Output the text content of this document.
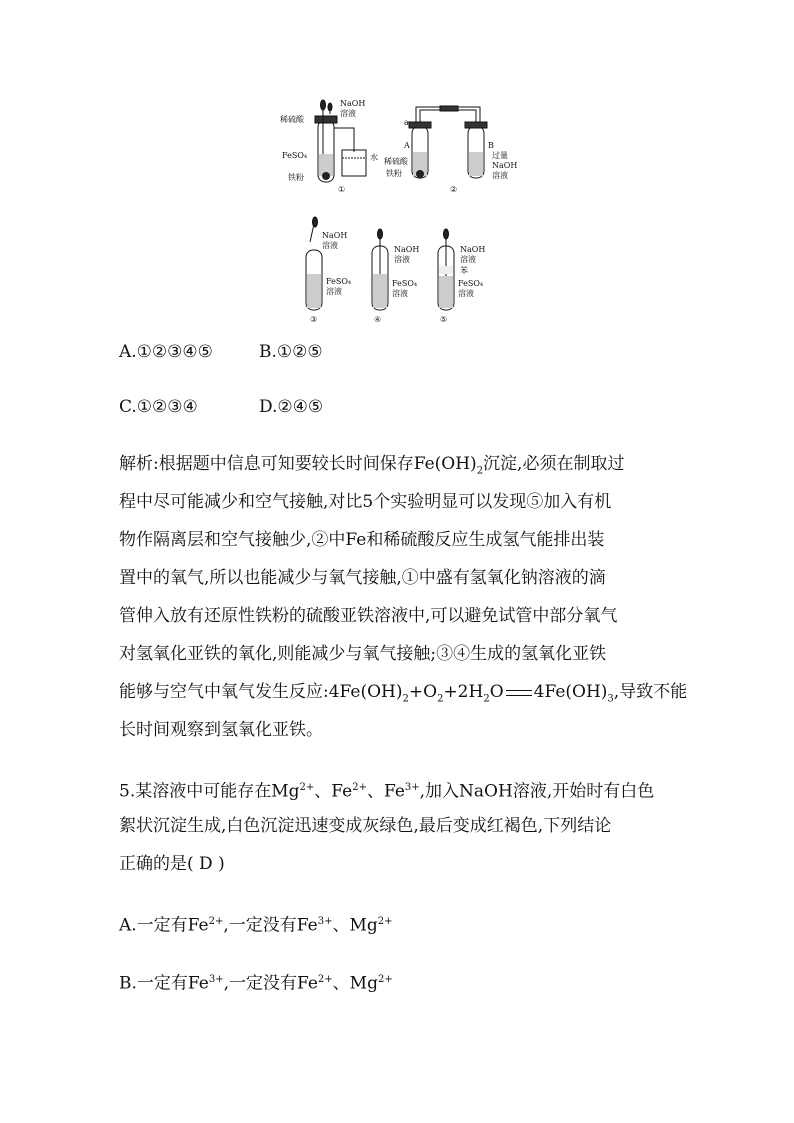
稀硫酸
NaOH
溶液
FeSO₄
铁粉
水
①
a
A	B
稀硫酸
铁粉
过量
NaOH
溶液
②
NaOH
溶液
FeSO₄
溶液
③
NaOH
溶液
FeSO₄
溶液
④
NaOH
溶液
苯
FeSO₄
溶液
⑤
A.①②③④⑤	B.①②⑤
C.①②③④	D.②④⑤
解析:根据题中信息可知要较长时间保存$Fe(OH)_2$沉淀,必须在制取过
程中尽可能减少和空气接触,对比5个实验明显可以发现⑤加入有机
物作隔离层和空气接触少,②中Fe和稀硫酸反应生成氢气能排出装
置中的氧气,所以也能减少与氧气接触,①中盛有氢氧化钠溶液的滴
管伸入放有还原性铁粉的硫酸亚铁溶液中,可以避免试管中部分氧气
对氢氧化亚铁的氧化,则能减少与氧气接触;③④生成的氢氧化亚铁
能够与空气中氧气发生反应$:4Fe(OH)_2+O_2+2H_2O$ $4Fe(OH)_3$,导致不能
长时间观察到氢氧化亚铁。
5.某溶液中可能存在$Mg^{2+}$、$Fe^{2+}$、$Fe^{3+}$,加入NaOH溶液,开始时有白色
絮状沉淀生成,白色沉淀迅速变成灰绿色,最后变成红褐色,下列结论
正确的是( D )
A.一定有$Fe^{2+}$,一定没有$Fe^{3+}$、$Mg^{2+}$
B.一定有$Fe^{3+}$,一定没有$Fe^{2+}$、$Mg^{2+}$
